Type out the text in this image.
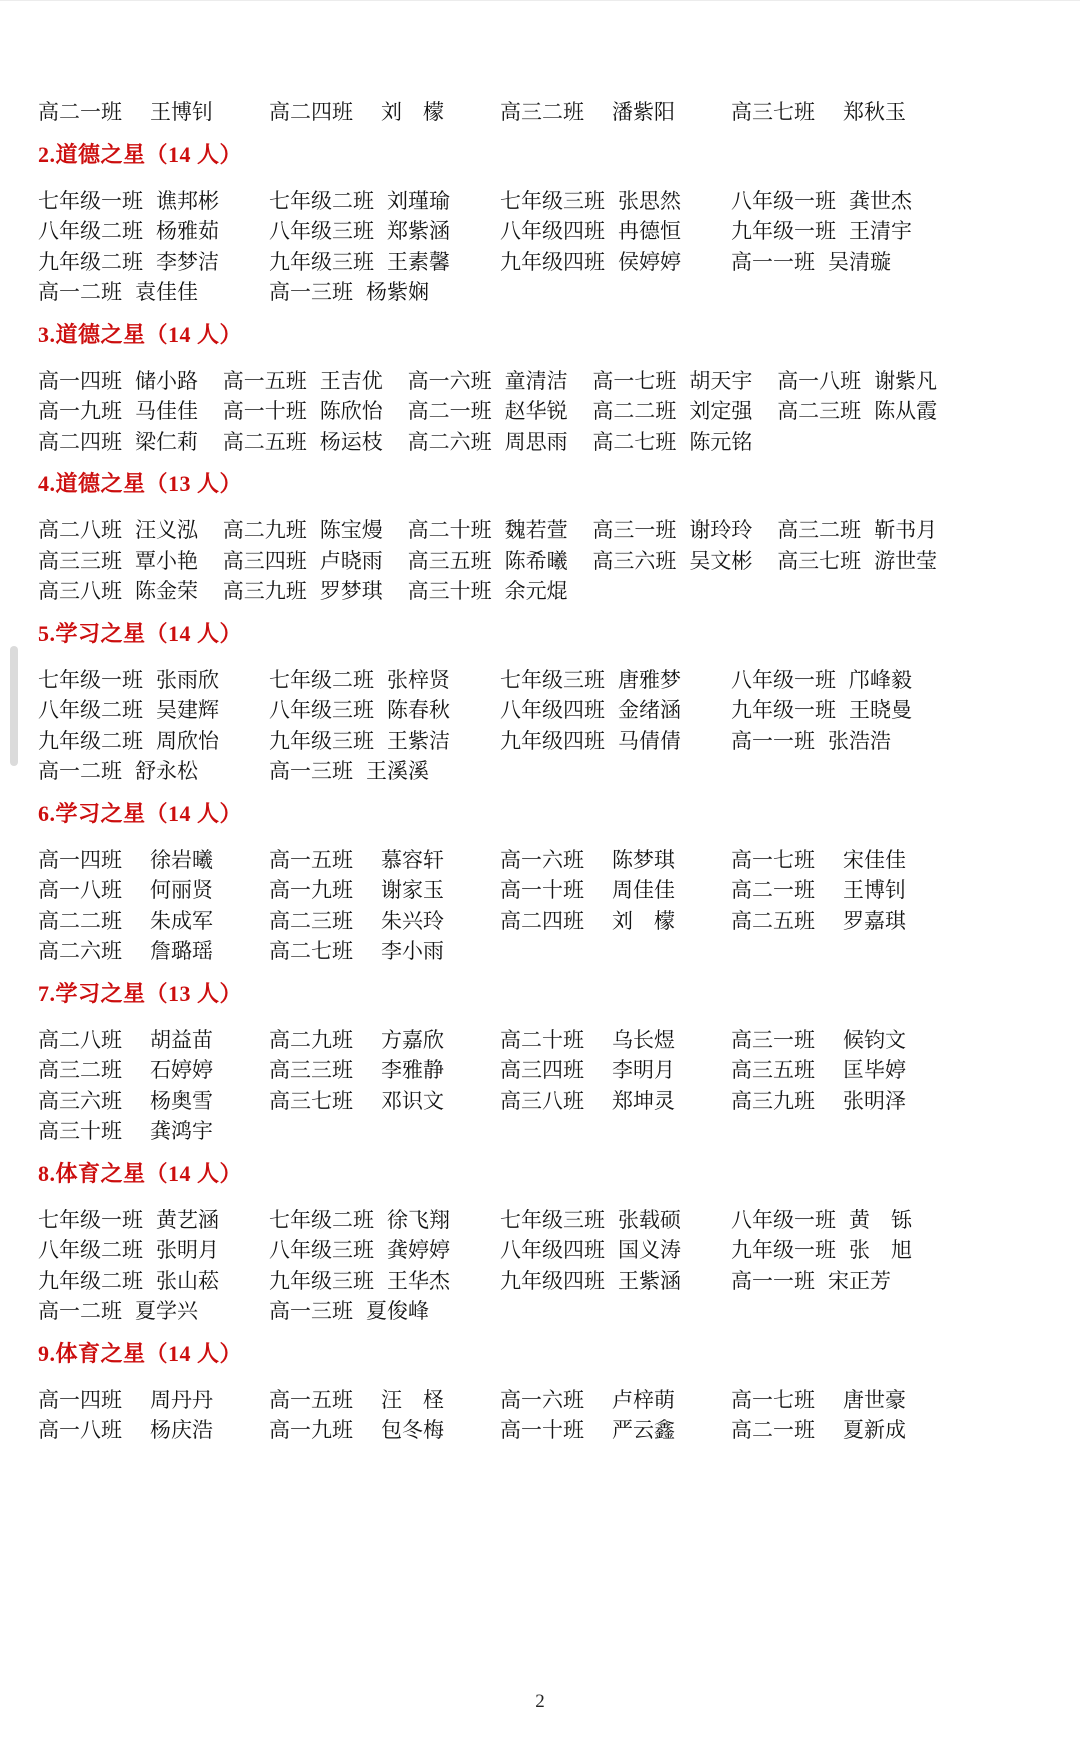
高二一班 王博钊	高二四班 刘　檬	高三二班 潘紫阳	高三七班 郑秋玉
2.道德之星（14 人）
七年级一班 谯邦彬 七年级二班 刘瑾瑜 七年级三班 张思然 八年级一班 龚世杰
八年级二班 杨雅茹 八年级三班 郑紫涵 八年级四班 冉德恒 九年级一班 王清宇
九年级二班 李梦洁 九年级三班 王素馨 九年级四班 侯婷婷 高一一班 吴清璇
高一二班 袁佳佳	高一三班 杨紫娴
3.道德之星（14 人）
高一四班 储小路 高一五班 王吉优 高一六班 童清洁 高一七班 胡天宇 高一八班 谢紫凡
高一九班 马佳佳 高一十班 陈欣怡 高二一班 赵华锐 高二二班 刘定强 高二三班 陈从霞
高二四班 梁仁莉 高二五班 杨运枝 高二六班 周思雨 高二七班 陈元铭
4.道德之星（13 人）
高二八班 汪义泓 高二九班 陈宝熳 高二十班 魏若萱 高三一班 谢玲玲 高三二班 靳书月
高三三班 覃小艳 高三四班 卢晓雨 高三五班 陈希曦 高三六班 吴文彬 高三七班 游世莹
高三八班 陈金荣 高三九班 罗梦琪 高三十班 余元焜
5.学习之星（14 人）
七年级一班 张雨欣 七年级二班 张梓贤 七年级三班 唐雅梦 八年级一班 邝峰毅
八年级二班 吴建辉 八年级三班 陈春秋 八年级四班 金绪涵 九年级一班 王晓曼
九年级二班 周欣怡 九年级三班 王紫洁 九年级四班 马倩倩 高一一班 张浩浩
高一二班 舒永松	高一三班 王溪溪
6.学习之星（14 人）
高一四班 徐岩曦	高一五班 慕容轩	高一六班 陈梦琪	高一七班 宋佳佳
高一八班 何丽贤	高一九班 谢家玉	高一十班 周佳佳	高二一班 王博钊
高二二班 朱成军	高二三班 朱兴玲	高二四班 刘　檬	高二五班 罗嘉琪
高二六班 詹璐瑶	高二七班 李小雨
7.学习之星（13 人）
高二八班 胡益苗	高二九班 方嘉欣	高二十班 乌长煜	高三一班 候钧文
高三二班 石婷婷	高三三班 李雅静	高三四班 李明月	高三五班 匡毕婷
高三六班 杨奥雪	高三七班 邓识文	高三八班 郑坤灵	高三九班 张明泽
高三十班 龚鸿宇
8.体育之星（14 人）
七年级一班 黄艺涵 七年级二班 徐飞翔 七年级三班 张载硕 八年级一班 黄　铄
八年级二班 张明月 八年级三班 龚婷婷 八年级四班 国义涛 九年级一班 张　旭
九年级二班 张山菘 九年级三班 王华杰 九年级四班 王紫涵 高一一班 宋正芳
高一二班 夏学兴	高一三班 夏俊峰
9.体育之星（14 人）
高一四班 周丹丹	高一五班 汪　柽	高一六班 卢梓萌	高一七班 唐世豪
高一八班 杨庆浩	高一九班 包冬梅	高一十班 严云鑫	高二一班 夏新成
2
